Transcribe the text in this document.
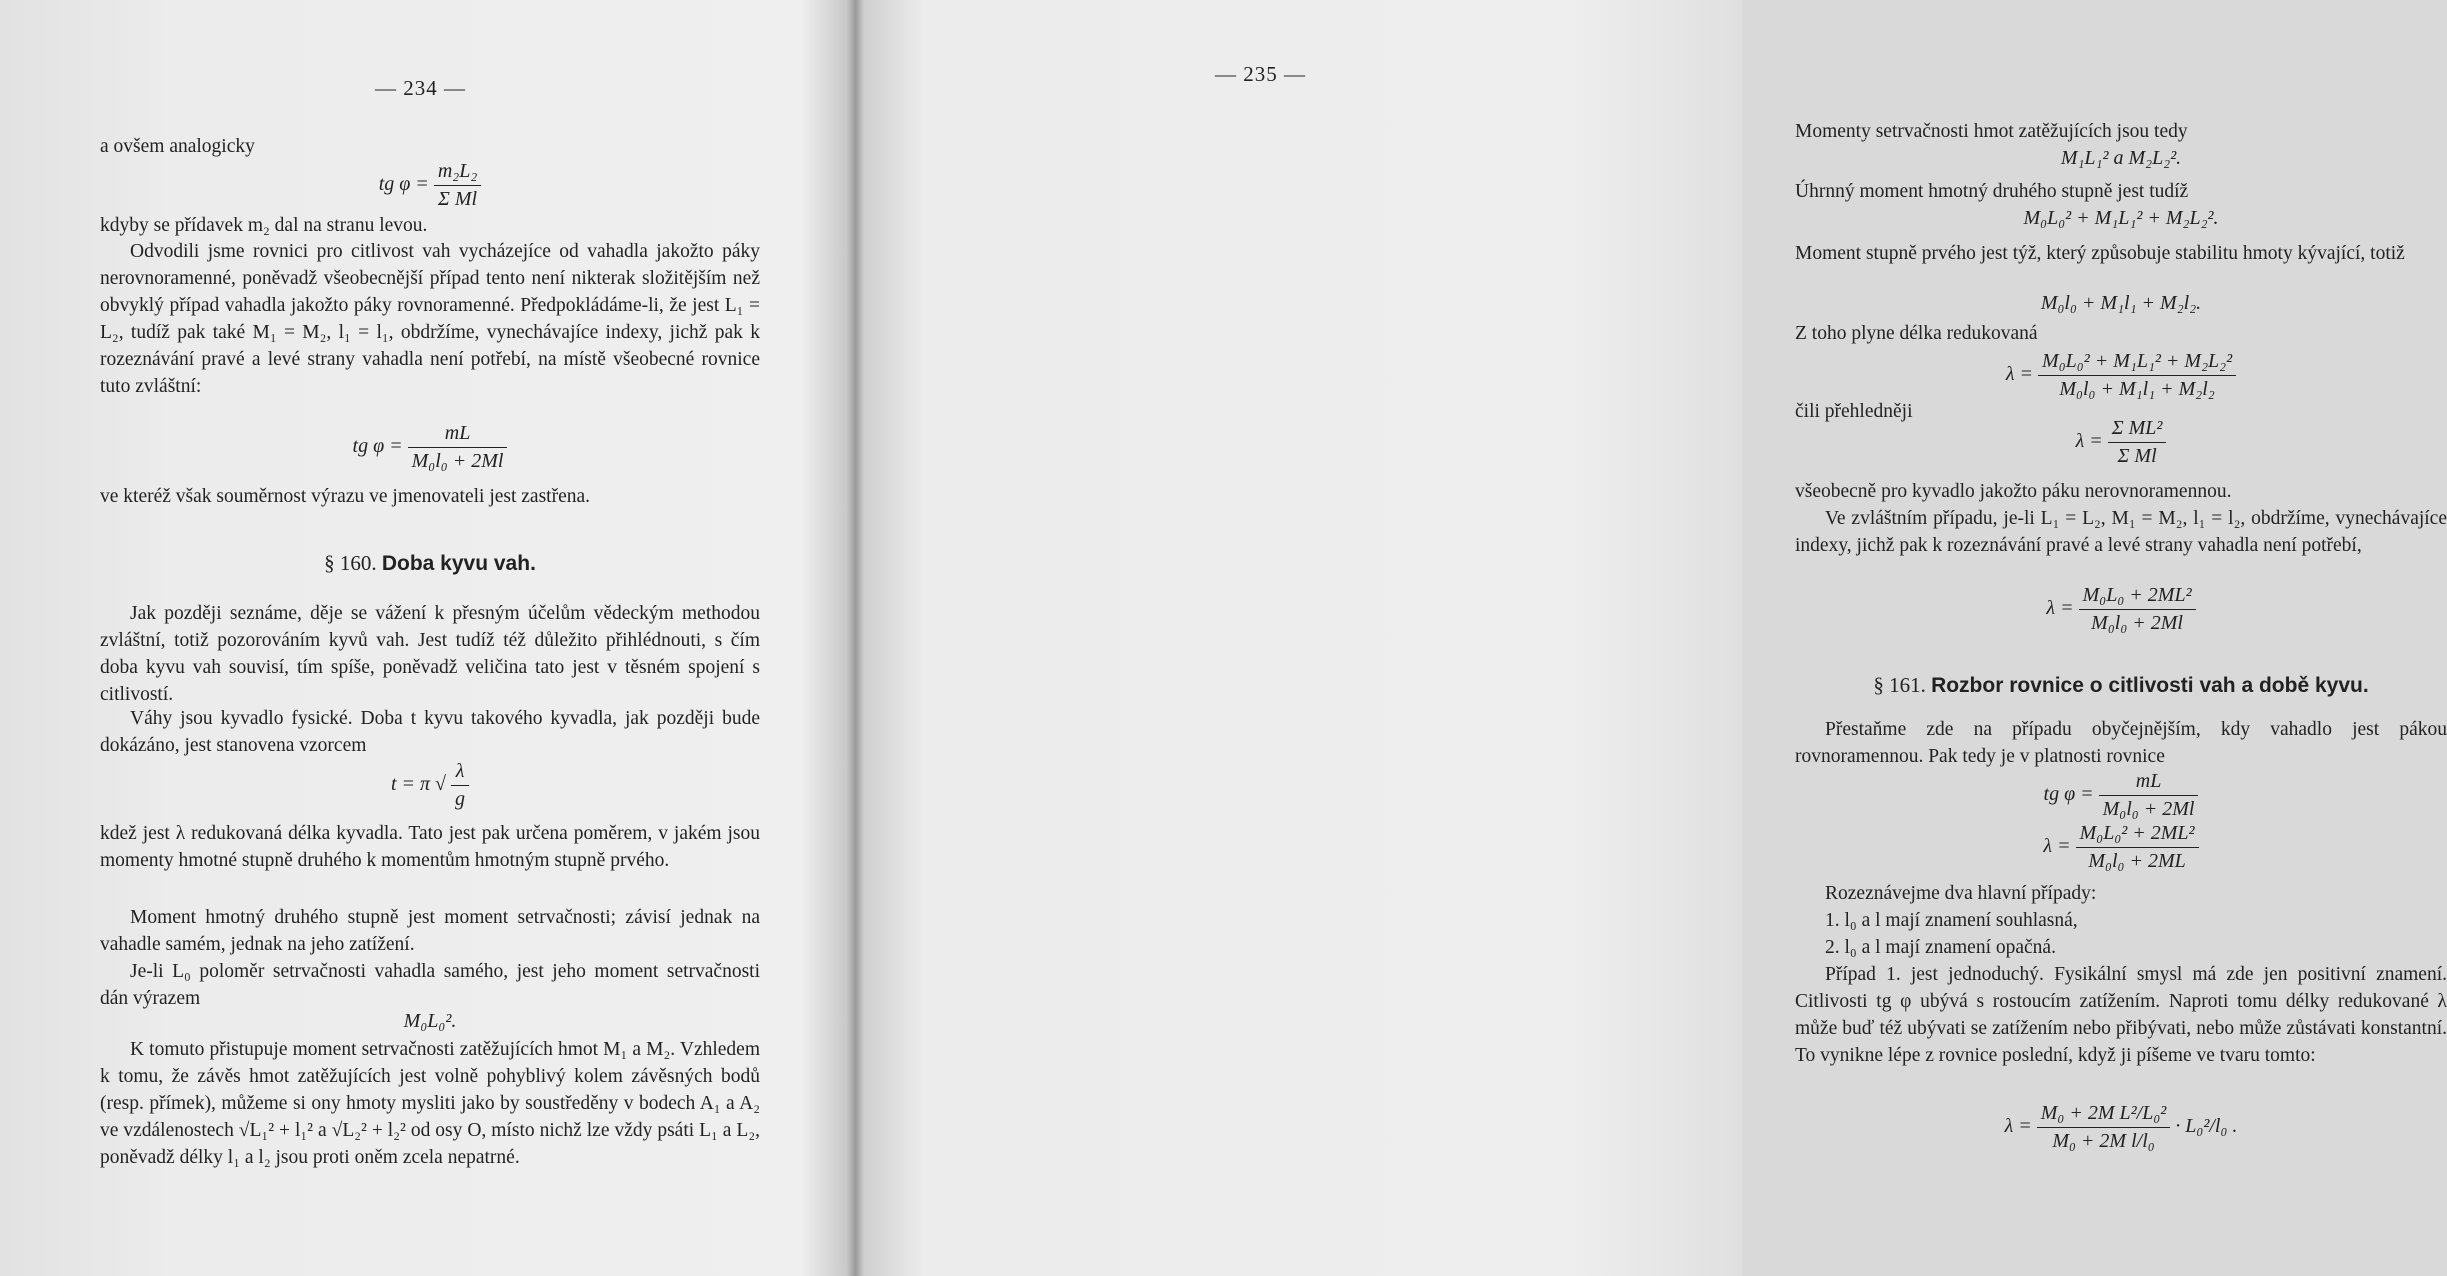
— 234 —
a ovšem analogicky
tg $\varphi = \frac{\text{m₂L₂}}{\text{Σ Ml}}$
kdyby se přídavek m₂ dal na stranu levou.
Odvodili jsme rovnici pro citlivost vah vycházejíce od vahadla jakožto páky nerovnoramenné, poněvadž všeobecnější případ tento není nikterak složitějším než obvyklý případ vahadla jakožto páky rovnoramenné. Předpokládáme-li, že jest L₁ = L₂, tudíž pak také M₁ = M₂, l₁ = l₁, obdržíme, vynechávajíce indexy, jichž pak k rozeznávání pravé a levé strany vahadla není potřebí, na místě všeobecné rovnice tuto zvláštní:
tg $\varphi = \frac{mL}{\text{M₀l₀ + 2Ml}}$
ve kteréž však souměrnost výrazu ve jmenovateli jest zastřena.
§ 160. Doba kyvu vah.
Jak později seznáme, děje se vážení k přesným účelům vědeckým methodou zvláštní, totiž pozorováním kyvů vah. Jest tudíž též důležito přihlédnouti, s čím doba kyvu vah souvisí, tím spíše, poněvadž veličina tato jest v těsném spojení s citlivostí.
Váhy jsou kyvadlo fysické. Doba t kyvu takového kyvadla, jak později bude dokázáno, jest stanovena vzorcem
t = π √ $\frac{\lambda}{g}$
kdež jest λ redukovaná délka kyvadla. Tato jest pak určena poměrem, v jakém jsou momenty hmotné stupně druhého k momentům hmotným stupně prvého.
Moment hmotný druhého stupně jest moment setrvačnosti; závisí jednak na vahadle samém, jednak na jeho zatížení.
Je-li L₀ poloměr setrvačnosti vahadla samého, jest jeho moment setrvačnosti dán výrazem
M₀L₀².
K tomuto přistupuje moment setrvačnosti zatěžujících hmot M₁ a M₂. Vzhledem k tomu, že závěs hmot zatěžujících jest volně pohyblivý kolem závěsných bodů (resp. přímek), můžeme si ony hmoty mysliti jako by soustředěny v bodech A₁ a A₂ ve vzdálenostech √L₁² + l₁² a √L₂² + l₂² od osy O, místo nichž lze vždy psáti L₁ a L₂, poněvadž délky l₁ a l₂ jsou proti oněm zcela nepatrné.
— 235 —
Momenty setrvačnosti hmot zatěžujících jsou tedy
M₁L₁² a M₂L₂².
Úhrnný moment hmotný druhého stupně jest tudíž
M₀L₀² + M₁L₁² + M₂L₂².
Moment stupně prvého jest týž, který způsobuje stabilitu hmoty kývající, totiž
M₀l₀ + M₁l₁ + M₂l₂.
Z toho plyne délka redukovaná
$\lambda = \frac{\text{M₀L₀² + M₁L₁² + M₂L₂²}}{\text{M₀l₀ + M₁l₁ + M₂l₂}}$
čili přehledněji
$\lambda = \frac{\text{Σ ML²}}{\text{Σ Ml}}$
všeobecně pro kyvadlo jakožto páku nerovnoramennou.
Ve zvláštním případu, je-li L₁ = L₂, M₁ = M₂, l₁ = l₂, obdržíme, vynechávajíce indexy, jichž pak k rozeznávání pravé a levé strany vahadla není potřebí,
$\lambda = \frac{\text{M₀L₀ + 2ML²}}{\text{M₀l₀ + 2Ml}}$
§ 161. Rozbor rovnice o citlivosti vah a době kyvu.
Přestaňme zde na případu obyčejnějším, kdy vahadlo jest pákou rovnoramennou. Pak tedy je v platnosti rovnice
tg $\varphi = \frac{mL}{\text{M₀l₀ + 2Ml}}$
$\lambda = \frac{\text{M₀L₀² + 2ML²}}{\text{M₀l₀ + 2ML}}$
Rozeznávejme dva hlavní případy:
1. l₀ a l mají znamení souhlasná,
2. l₀ a l mají znamení opačná.
Případ 1. jest jednoduchý. Fysikální smysl má zde jen positivní znamení. Citlivosti tg φ ubývá s rostoucím zatížením. Naproti tomu délky redukované λ může buď též ubývati se zatížením nebo přibývati, nebo může zůstávati konstantní. To vynikne lépe z rovnice poslední, když ji píšeme ve tvaru tomto:
$\lambda = \frac{\text{M₀ + 2M L²/L₀²}}{\text{M₀ + 2M l/l₀}} \cdot L_0^2/l_0$ .
